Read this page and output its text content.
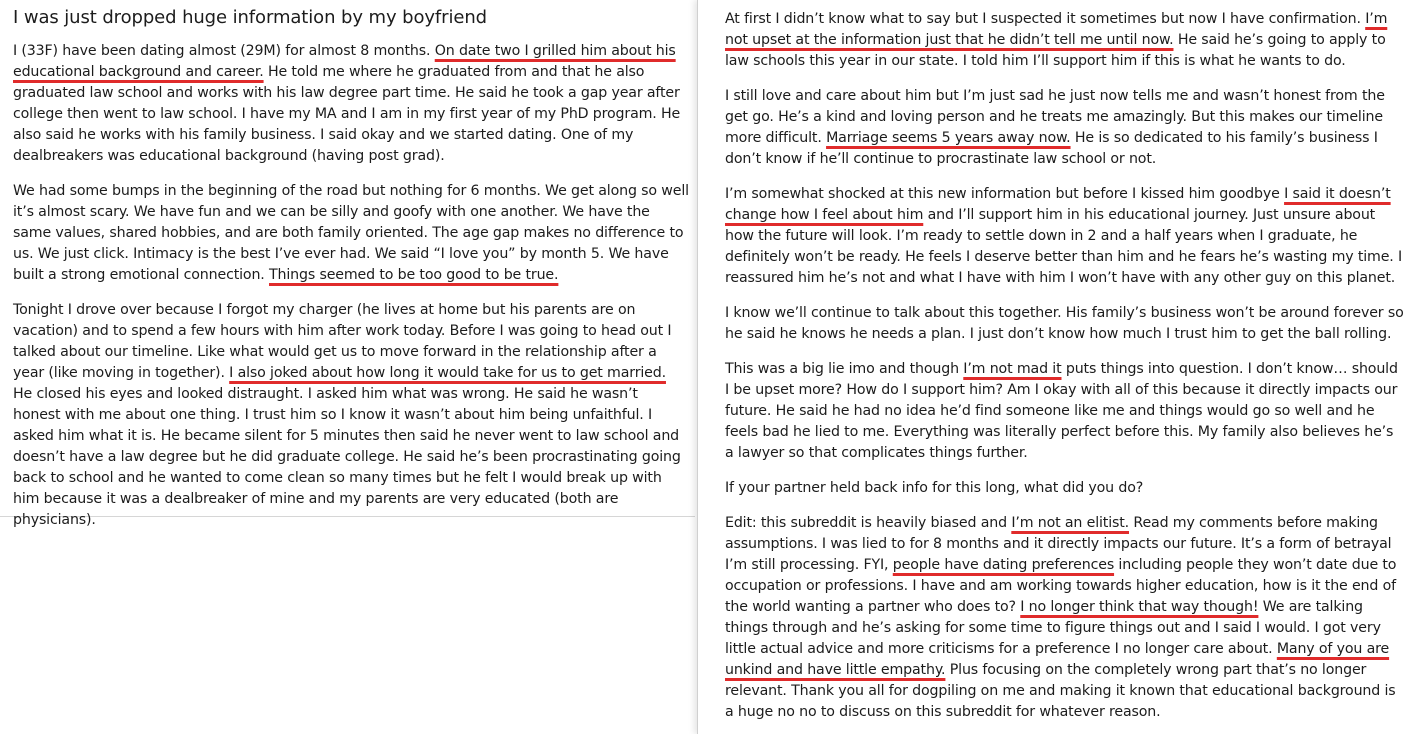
I was just dropped huge information by my boyfriend

I (33F) have been dating almost (29M) for almost 8 months. On date two I grilled him about his educational background and career. He told me where he graduated from and that he also graduated law school and works with his law degree part time. He said he took a gap year after college then went to law school. I have my MA and I am in my first year of my PhD program. He also said he works with his family business. I said okay and we started dating. One of my dealbreakers was educational background (having post grad).

We had some bumps in the beginning of the road but nothing for 6 months. We get along so well it’s almost scary. We have fun and we can be silly and goofy with one another. We have the same values, shared hobbies, and are both family oriented. The age gap makes no difference to us. We just click. Intimacy is the best I’ve ever had. We said “I love you” by month 5. We have built a strong emotional connection. Things seemed to be too good to be true.

Tonight I drove over because I forgot my charger (he lives at home but his parents are on vacation) and to spend a few hours with him after work today. Before I was going to head out I talked about our timeline. Like what would get us to move forward in the relationship after a year (like moving in together). I also joked about how long it would take for us to get married. He closed his eyes and looked distraught. I asked him what was wrong. He said he wasn’t honest with me about one thing. I trust him so I know it wasn’t about him being unfaithful. I asked him what it is. He became silent for 5 minutes then said he never went to law school and doesn’t have a law degree but he did graduate college. He said he’s been procrastinating going back to school and he wanted to come clean so many times but he felt I would break up with him because it was a dealbreaker of mine and my parents are very educated (both are physicians).

At first I didn’t know what to say but I suspected it sometimes but now I have confirmation. I’m not upset at the information just that he didn’t tell me until now. He said he’s going to apply to law schools this year in our state. I told him I’ll support him if this is what he wants to do.

I still love and care about him but I’m just sad he just now tells me and wasn’t honest from the get go. He’s a kind and loving person and he treats me amazingly. But this makes our timeline more difficult. Marriage seems 5 years away now. He is so dedicated to his family’s business I don’t know if he’ll continue to procrastinate law school or not.

I’m somewhat shocked at this new information but before I kissed him goodbye I said it doesn’t change how I feel about him and I’ll support him in his educational journey. Just unsure about how the future will look. I’m ready to settle down in 2 and a half years when I graduate, he definitely won’t be ready. He feels I deserve better than him and he fears he’s wasting my time. I reassured him he’s not and what I have with him I won’t have with any other guy on this planet.

I know we’ll continue to talk about this together. His family’s business won’t be around forever so he said he knows he needs a plan. I just don’t know how much I trust him to get the ball rolling.

This was a big lie imo and though I’m not mad it puts things into question. I don’t know… should I be upset more? How do I support him? Am I okay with all of this because it directly impacts our future. He said he had no idea he’d find someone like me and things would go so well and he feels bad he lied to me. Everything was literally perfect before this. My family also believes he’s a lawyer so that complicates things further.

If your partner held back info for this long, what did you do?

Edit: this subreddit is heavily biased and I’m not an elitist. Read my comments before making assumptions. I was lied to for 8 months and it directly impacts our future. It’s a form of betrayal I’m still processing. FYI, people have dating preferences including people they won’t date due to occupation or professions. I have and am working towards higher education, how is it the end of the world wanting a partner who does to? I no longer think that way though! We are talking things through and he’s asking for some time to figure things out and I said I would. I got very little actual advice and more criticisms for a preference I no longer care about. Many of you are unkind and have little empathy. Plus focusing on the completely wrong part that’s no longer relevant. Thank you all for dogpiling on me and making it known that educational background is a huge no no to discuss on this subreddit for whatever reason.
